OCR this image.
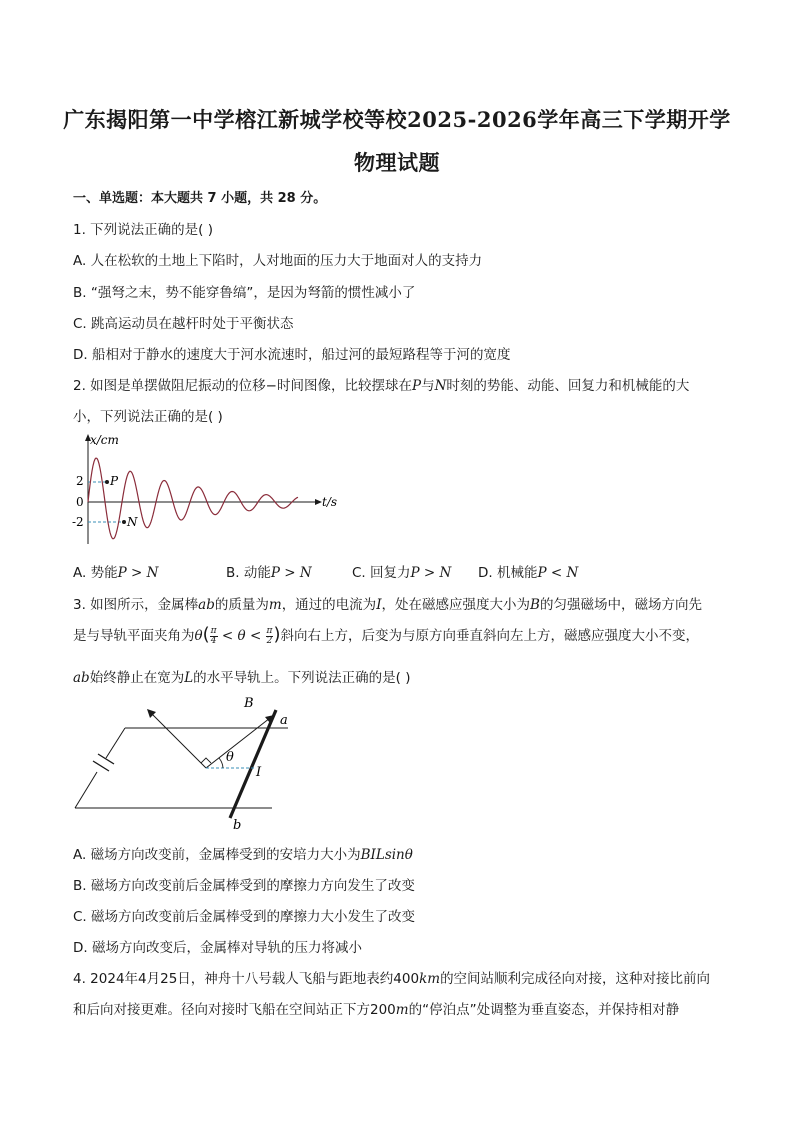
广东揭阳第一中学榕江新城学校等校2025-2026学年高三下学期开学
物理试题
一、单选题：本大题共 7 小题，共 28 分。
1. 下列说法正确的是( )
A. 人在松软的土地上下陷时，人对地面的压力大于地面对人的支持力
B. “强弩之末，势不能穿鲁缟”，是因为弩箭的惯性减小了
C. 跳高运动员在越杆时处于平衡状态
D. 船相对于静水的速度大于河水流速时，船过河的最短路程等于河的宽度
2. 如图是单摆做阻尼振动的位移−时间图像，比较摆球在P与N时刻的势能、动能、回复力和机械能的大
小，下列说法正确的是( )
x/cm
t/s
2
0
-2
P
N
A. 势能P > N	B. 动能P > N	C. 回复力P > N D. 机械能P < N
3. 如图所示，金属棒ab的质量为m，通过的电流为I，处在磁感应强度大小为B的匀强磁场中，磁场方向先
是与导轨平面夹角为$\theta( \frac{\pi}{4} < \theta < \frac{\pi}{2}$ )斜向右上方，后变为与原方向垂直斜向左上方，磁感应强度大小不变，
ab始终静止在宽为L的水平导轨上。下列说法正确的是( )
a
b
B
θ
I
A. 磁场方向改变前，金属棒受到的安培力大小为BILsinθ
B. 磁场方向改变前后金属棒受到的摩擦力方向发生了改变
C. 磁场方向改变前后金属棒受到的摩擦力大小发生了改变
D. 磁场方向改变后，金属棒对导轨的压力将减小
4. 2024年4月25日，神舟十八号载人飞船与距地表约400km的空间站顺利完成径向对接，这种对接比前向
和后向对接更难。径向对接时飞船在空间站正下方200m的“停泊点”处调整为垂直姿态，并保持相对静
